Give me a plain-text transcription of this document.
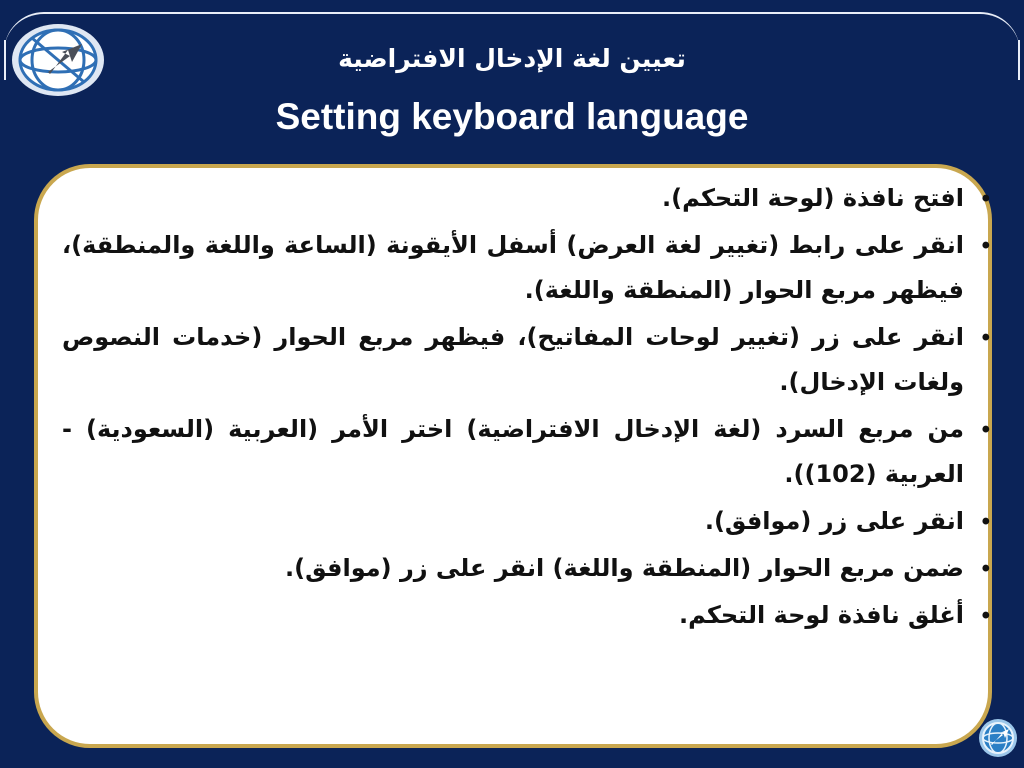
تعيين لغة الإدخال الافتراضية
Setting keyboard language
• افتح نافذة (لوحة التحكم).
• انقر على رابط (تغيير لغة العرض) أسفل الأيقونة (الساعة واللغة والمنطقة)، فيظهر مربع الحوار (المنطقة واللغة).
• انقر على زر (تغيير لوحات المفاتيح)، فيظهر مربع الحوار (خدمات النصوص ولغات الإدخال).
• من مربع السرد (لغة الإدخال الافتراضية) اختر الأمر (العربية (السعودية) - العربية (102)).
• انقر على زر (موافق).
• ضمن مربع الحوار (المنطقة واللغة) انقر على زر (موافق).
• أغلق نافذة لوحة التحكم.
